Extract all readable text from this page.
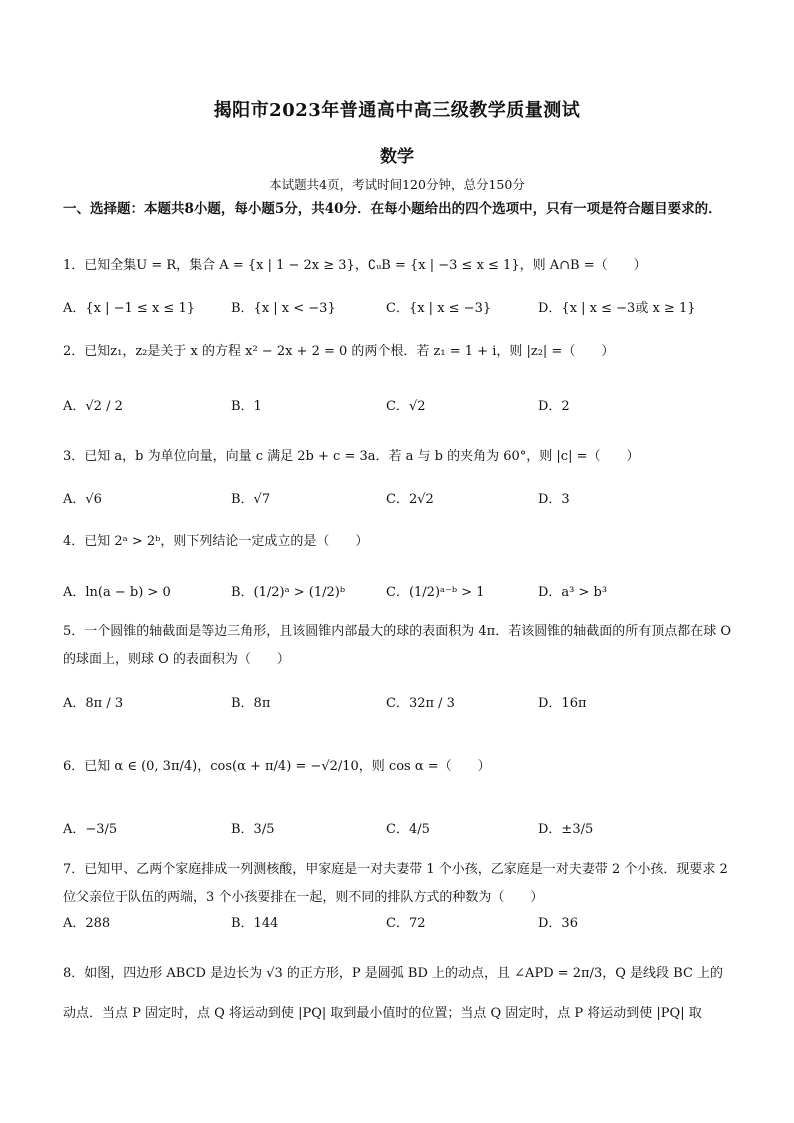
揭阳市2023年普通高中高三级教学质量测试
数学
本试题共4页，考试时间120分钟，总分150分
一、选择题：本题共8小题，每小题5分，共40分．在每小题给出的四个选项中，只有一项是符合题目要求的．
1．已知全集U = R，集合 A = {x | 1 − 2x ≥ 3}，∁ᵤB = {x | −3 ≤ x ≤ 1}，则 A∩B =（　　）
A．{x | −1 ≤ x ≤ 1}	B．{x | x < −3}	C．{x | x ≤ −3}	D．{x | x ≤ −3或 x ≥ 1}
2．已知z₁，z₂是关于 x 的方程 x² − 2x + 2 = 0 的两个根．若 z₁ = 1 + i，则 |z₂| =（　　）
A．√2 / 2	B．1	C．√2	D．2
3．已知 a，b 为单位向量，向量 c 满足 2b + c = 3a．若 a 与 b 的夹角为 60°，则 |c| =（　　）
A．√6	B．√7	C．2√2	D．3
4．已知 2ᵃ > 2ᵇ，则下列结论一定成立的是（　　）
A．ln(a − b) > 0	B．(1/2)ᵃ > (1/2)ᵇ	C．(1/2)ᵃ⁻ᵇ > 1	D．a³ > b³
5．一个圆锥的轴截面是等边三角形，且该圆锥内部最大的球的表面积为 4π．若该圆锥的轴截面的所有顶点都在球 O 的球面上，则球 O 的表面积为（　　）
A．8π / 3	B．8π	C．32π / 3	D．16π
6．已知 α ∈ (0, 3π/4)，cos(α + π/4) = −√2/10，则 cos α =（　　）
A．−3/5	B．3/5	C．4/5	D．±3/5
7．已知甲、乙两个家庭排成一列测核酸，甲家庭是一对夫妻带 1 个小孩，乙家庭是一对夫妻带 2 个小孩．现要求 2 位父亲位于队伍的两端，3 个小孩要排在一起，则不同的排队方式的种数为（　　）
A．288	B．144	C．72	D．36
8．如图，四边形 ABCD 是边长为 √3 的正方形，P 是圆弧 BD 上的动点，且 ∠APD = 2π/3，Q 是线段 BC 上的动点．当点 P 固定时，点 Q 将运动到使 |PQ| 取到最小值时的位置；当点 Q 固定时，点 P 将运动到使 |PQ| 取
